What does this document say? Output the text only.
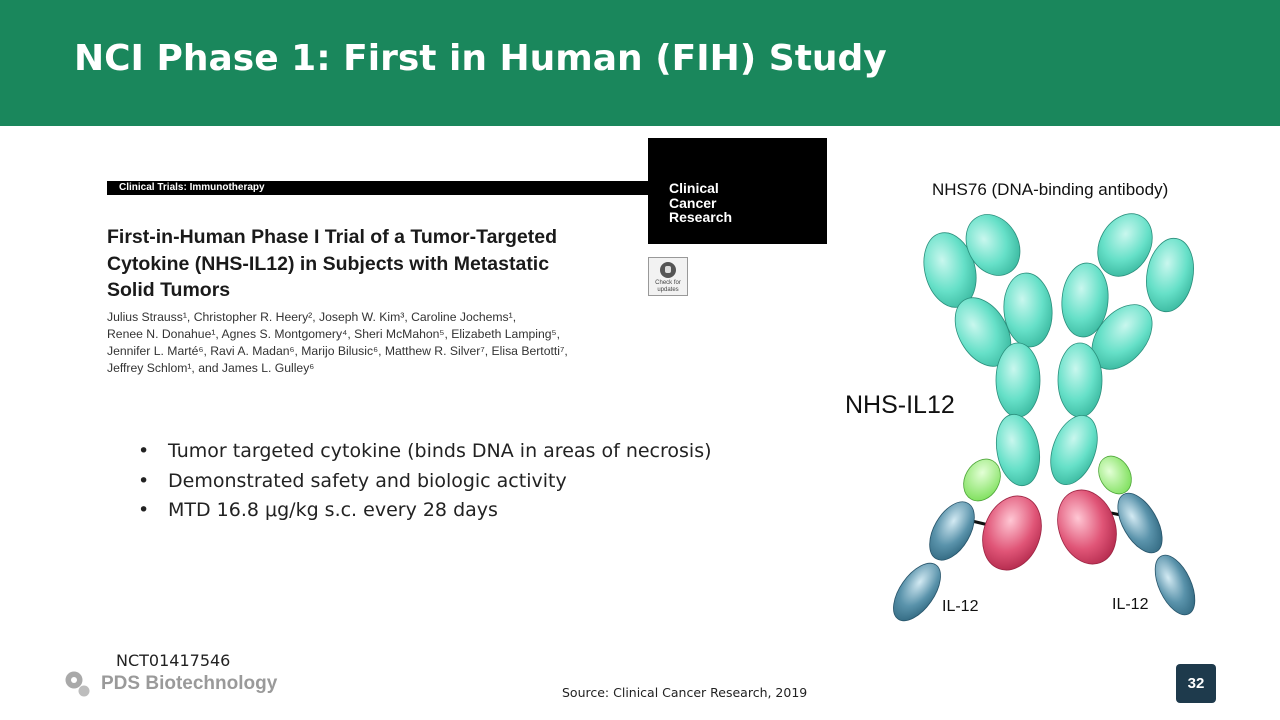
NCI Phase 1: First in Human (FIH) Study
Clinical Trials: Immunotherapy	Clinical
Cancer
Research
First-in-Human Phase I Trial of a Tumor-Targeted
Cytokine (NHS-IL12) in Subjects with Metastatic
Solid Tumors	Check for
updates
Julius Strauss¹, Christopher R. Heery², Joseph W. Kim³, Caroline Jochems¹,
Renee N. Donahue¹, Agnes S. Montgomery⁴, Sheri McMahon⁵, Elizabeth Lamping⁵,
Jennifer L. Marté⁶, Ravi A. Madan⁶, Marijo Bilusic⁶, Matthew R. Silver⁷, Elisa Bertotti⁷,
Jeffrey Schlom¹, and James L. Gulley⁶
• Tumor targeted cytokine (binds DNA in areas of necrosis)
• Demonstrated safety and biologic activity
• MTD 16.8 μg/kg s.c. every 28 days
NHS76 (DNA-binding antibody)
NHS-IL12
IL-12	IL-12
NCT01417546
PDS Biotechnology	Source: Clinical Cancer Research, 2019
32
